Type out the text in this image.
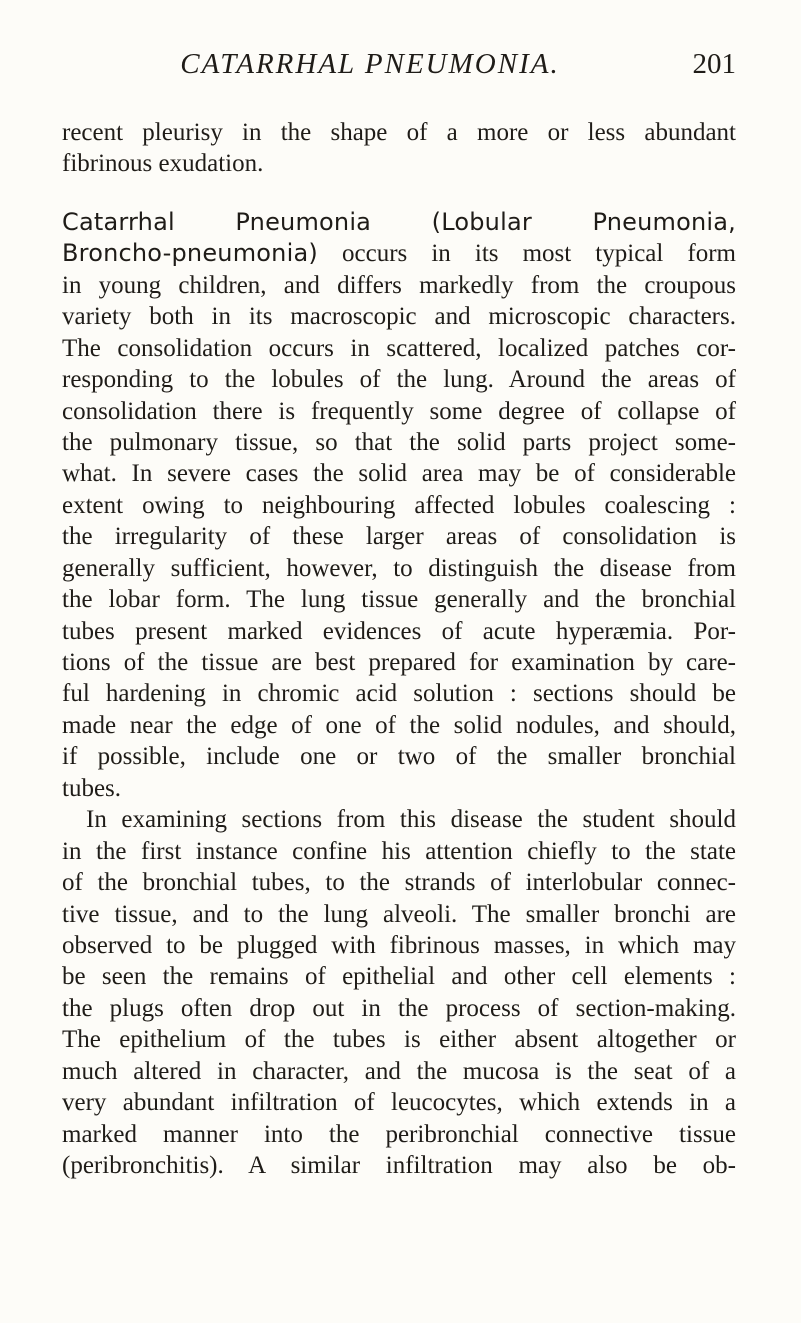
CATARRHAL PNEUMONIA.	201
recent pleurisy in the shape of a more or less abundant
fibrinous exudation.
Catarrhal Pneumonia (Lobular Pneumonia,
Broncho-pneumonia) occurs in its most typical form
in young children, and differs markedly from the croupous
variety both in its macroscopic and microscopic characters.
The consolidation occurs in scattered, localized patches cor-
responding to the lobules of the lung. Around the areas of
consolidation there is frequently some degree of collapse of
the pulmonary tissue, so that the solid parts project some-
what. In severe cases the solid area may be of considerable
extent owing to neighbouring affected lobules coalescing :
the irregularity of these larger areas of consolidation is
generally sufficient, however, to distinguish the disease from
the lobar form. The lung tissue generally and the bronchial
tubes present marked evidences of acute hyperæmia. Por-
tions of the tissue are best prepared for examination by care-
ful hardening in chromic acid solution : sections should be
made near the edge of one of the solid nodules, and should,
if possible, include one or two of the smaller bronchial
tubes.
In examining sections from this disease the student should
in the first instance confine his attention chiefly to the state
of the bronchial tubes, to the strands of interlobular connec-
tive tissue, and to the lung alveoli. The smaller bronchi are
observed to be plugged with fibrinous masses, in which may
be seen the remains of epithelial and other cell elements :
the plugs often drop out in the process of section-making.
The epithelium of the tubes is either absent altogether or
much altered in character, and the mucosa is the seat of a
very abundant infiltration of leucocytes, which extends in a
marked manner into the peribronchial connective tissue
(peribronchitis). A similar infiltration may also be ob-
